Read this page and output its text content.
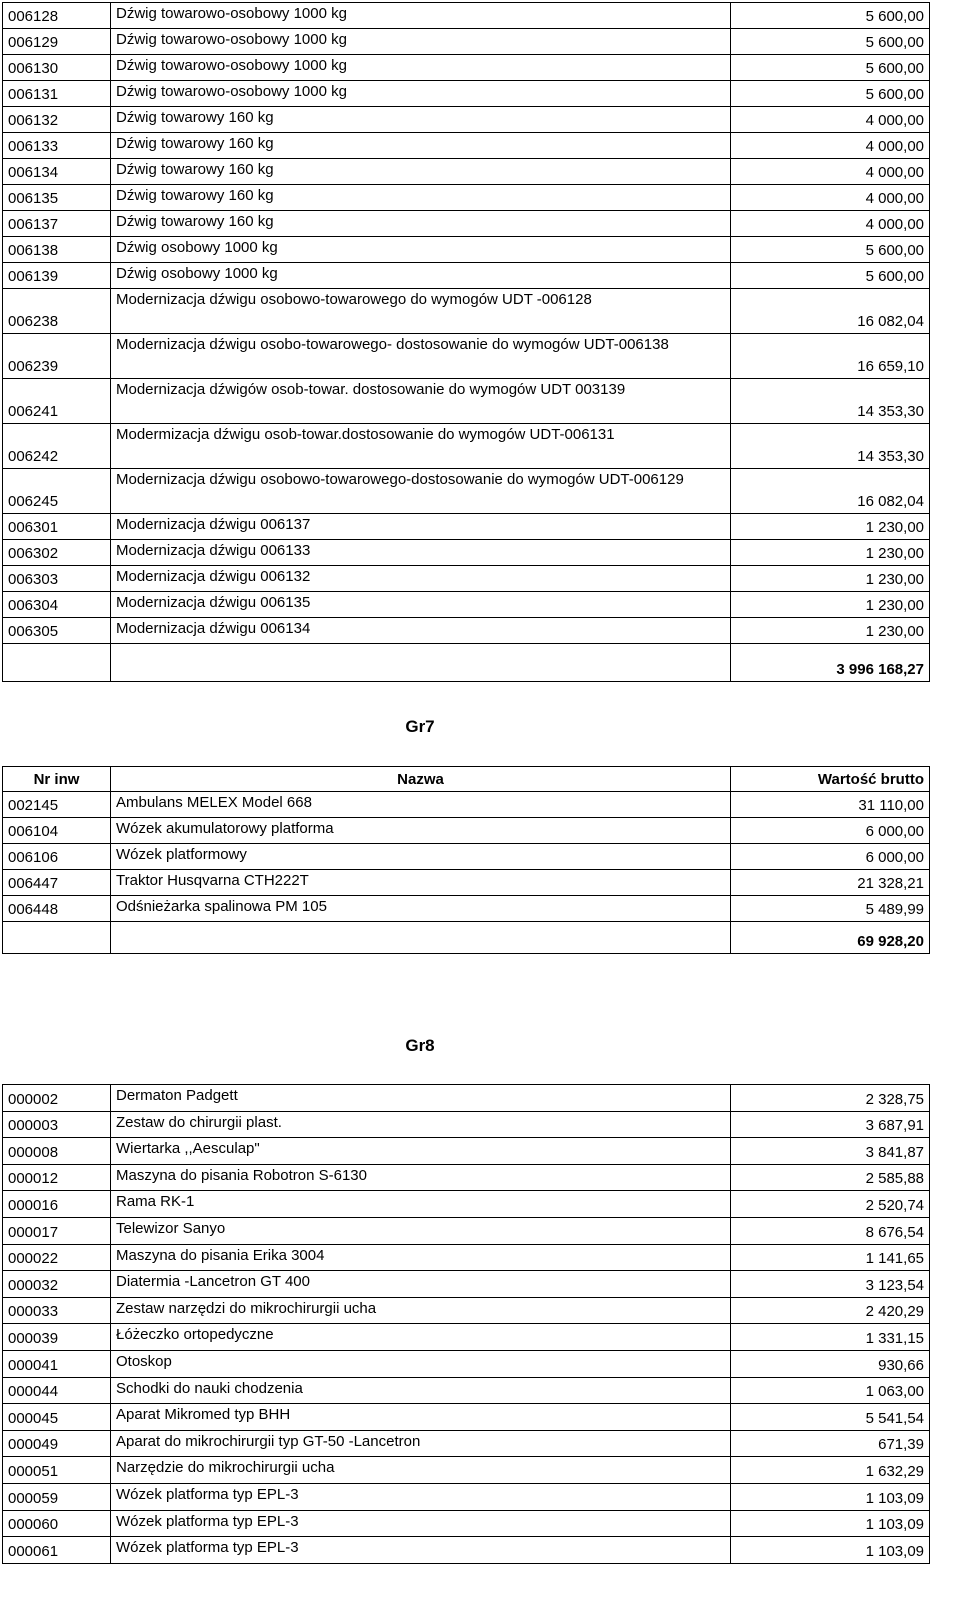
006128	Dźwig towarowo-osobowy 1000 kg	5 600,00
006129	Dźwig towarowo-osobowy 1000 kg	5 600,00
006130	Dźwig towarowo-osobowy 1000 kg	5 600,00
006131	Dźwig towarowo-osobowy 1000 kg	5 600,00
006132	Dźwig towarowy 160 kg	4 000,00
006133	Dźwig towarowy 160 kg	4 000,00
006134	Dźwig towarowy 160 kg	4 000,00
006135	Dźwig towarowy 160 kg	4 000,00
006137	Dźwig towarowy 160 kg	4 000,00
006138	Dźwig osobowy 1000 kg	5 600,00
006139	Dźwig osobowy 1000 kg	5 600,00
006238	Modernizacja dźwigu osobowo-towarowego do wymogów UDT -006128	16 082,04
006239	Modernizacja dźwigu osobo-towarowego- dostosowanie do wymogów UDT-006138	16 659,10
006241	Modernizacja dźwigów osob-towar. dostosowanie do wymogów UDT 003139	14 353,30
006242	Modermizacja dźwigu osob-towar.dostosowanie do wymogów UDT-006131	14 353,30
006245	Modernizacja dźwigu osobowo-towarowego-dostosowanie do wymogów UDT-006129	16 082,04
006301	Modernizacja dźwigu 006137	1 230,00
006302	Modernizacja dźwigu 006133	1 230,00
006303	Modernizacja dźwigu 006132	1 230,00
006304	Modernizacja dźwigu 006135	1 230,00
006305	Modernizacja dźwigu 006134	1 230,00
		3 996 168,27
Gr7
Nr inw	Nazwa	Wartość brutto
002145	Ambulans MELEX Model 668	31 110,00
006104	Wózek akumulatorowy platforma	6 000,00
006106	Wózek platformowy	6 000,00
006447	Traktor Husqvarna CTH222T	21 328,21
006448	Odśnieżarka spalinowa PM 105	5 489,99
		69 928,20
Gr8
000002	Dermaton Padgett	2 328,75
000003	Zestaw do chirurgii plast.	3 687,91
000008	Wiertarka ,,Aesculap"	3 841,87
000012	Maszyna do pisania Robotron S-6130	2 585,88
000016	Rama RK-1	2 520,74
000017	Telewizor Sanyo	8 676,54
000022	Maszyna do pisania Erika 3004	1 141,65
000032	Diatermia -Lancetron GT 400	3 123,54
000033	Zestaw narzędzi do mikrochirurgii ucha	2 420,29
000039	Łóżeczko ortopedyczne	1 331,15
000041	Otoskop	930,66
000044	Schodki do nauki chodzenia	1 063,00
000045	Aparat Mikromed typ BHH	5 541,54
000049	Aparat do mikrochirurgii typ GT-50 -Lancetron	671,39
000051	Narzędzie do mikrochirurgii ucha	1 632,29
000059	Wózek platforma typ EPL-3	1 103,09
000060	Wózek platforma typ EPL-3	1 103,09
000061	Wózek platforma typ EPL-3	1 103,09
